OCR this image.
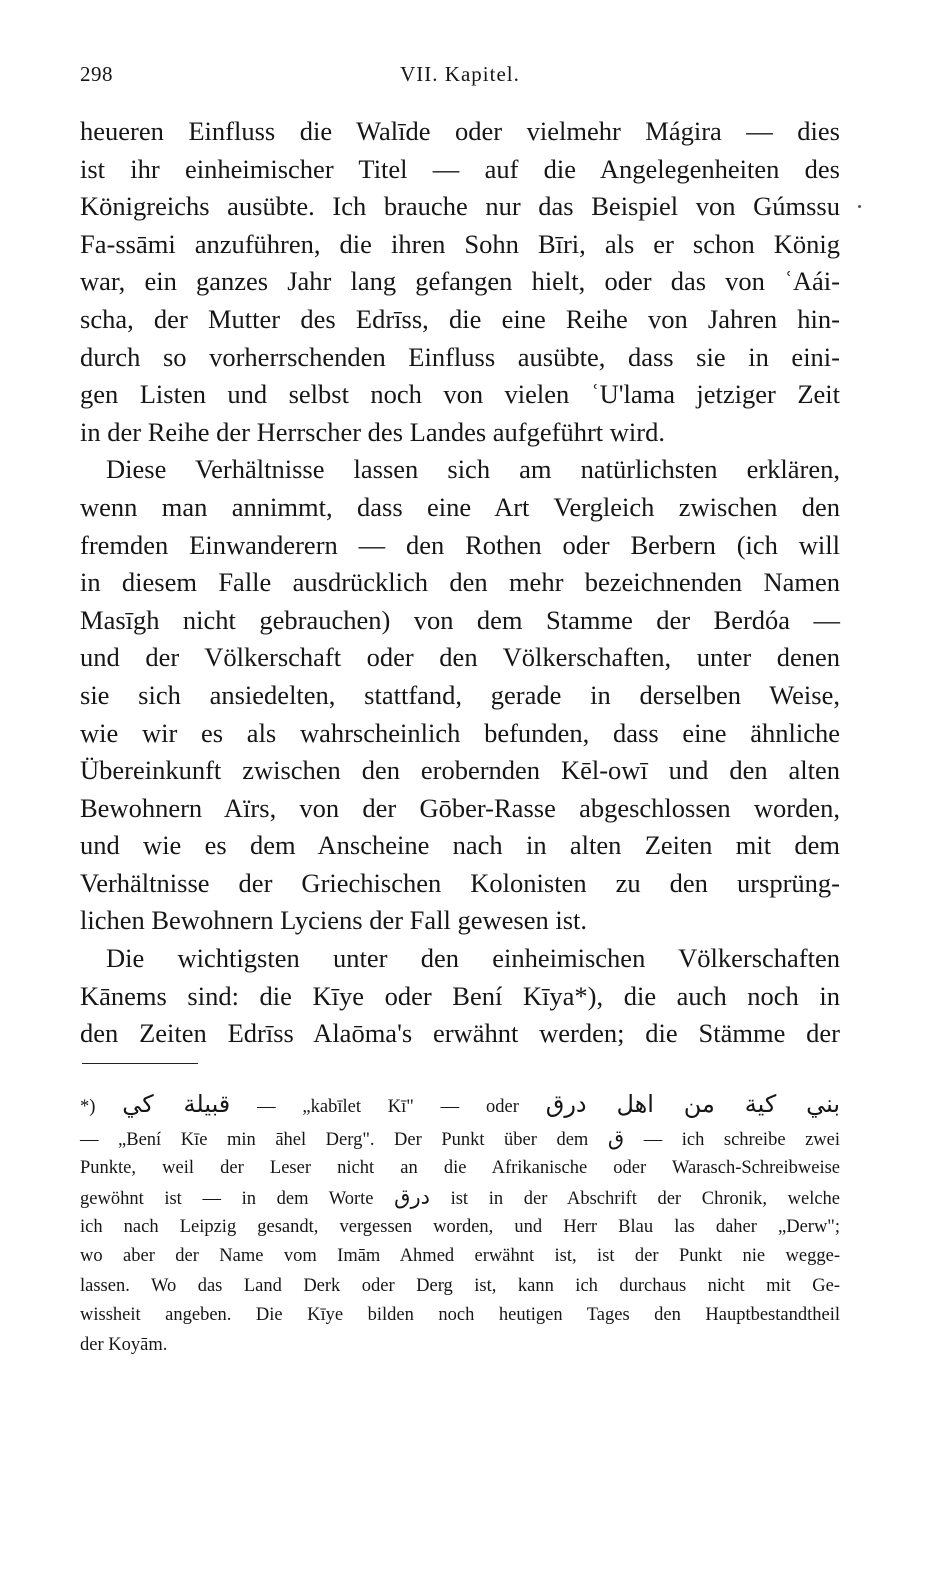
298	VII. Kapitel.
heueren Einfluss die Walīde oder vielmehr Mágira — dies
ist ihr einheimischer Titel — auf die Angelegenheiten des
Königreichs ausübte. Ich brauche nur das Beispiel von Gúmssu
Fa-ssāmi anzuführen, die ihren Sohn Bīri, als er schon König
war, ein ganzes Jahr lang gefangen hielt, oder das von ʿAái-
scha, der Mutter des Edrīss, die eine Reihe von Jahren hin-
durch so vorherrschenden Einfluss ausübte, dass sie in eini-
gen Listen und selbst noch von vielen ʿU'lama jetziger Zeit
in der Reihe der Herrscher des Landes aufgeführt wird.
Diese Verhältnisse lassen sich am natürlichsten erklären,
wenn man annimmt, dass eine Art Vergleich zwischen den
fremden Einwanderern — den Rothen oder Berbern (ich will
in diesem Falle ausdrücklich den mehr bezeichnenden Namen
Masīgh nicht gebrauchen) von dem Stamme der Berdóa —
und der Völkerschaft oder den Völkerschaften, unter denen
sie sich ansiedelten, stattfand, gerade in derselben Weise,
wie wir es als wahrscheinlich befunden, dass eine ähnliche
Übereinkunft zwischen den erobernden Kēl-owī und den alten
Bewohnern Aïrs, von der Gōber-Rasse abgeschlossen worden,
und wie es dem Anscheine nach in alten Zeiten mit dem
Verhältnisse der Griechischen Kolonisten zu den ursprüng-
lichen Bewohnern Lyciens der Fall gewesen ist.
Die wichtigsten unter den einheimischen Völkerschaften
Kānems sind: die Kīye oder Bení Kīya*), die auch noch in
den Zeiten Edrīss Alaōma's erwähnt werden; die Stämme der
*) قبيلة كي — „kabīlet Kī" — oder بني كية من اهل درق
— „Bení Kīe min āhel Derg". Der Punkt über dem ق — ich schreibe zwei
Punkte, weil der Leser nicht an die Afrikanische oder Warasch-Schreibweise
gewöhnt ist — in dem Worte درق ist in der Abschrift der Chronik, welche
ich nach Leipzig gesandt, vergessen worden, und Herr Blau las daher „Derw";
wo aber der Name vom Imām Ahmed erwähnt ist, ist der Punkt nie wegge-
lassen. Wo das Land Derk oder Derg ist, kann ich durchaus nicht mit Ge-
wissheit angeben. Die Kīye bilden noch heutigen Tages den Hauptbestandtheil
der Koyām.
